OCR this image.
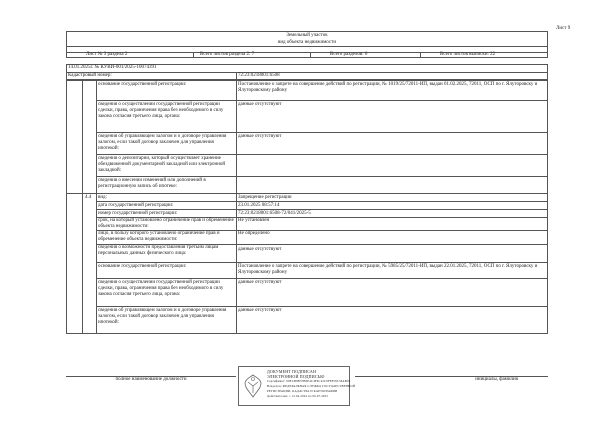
Лист 9
Земельный участок
вид объекта недвижимости
Лист № 3 раздела 2	Всего листов раздела 2: 7	Всего разделов: 6	Всего листов выписки: 22
14.01.2025г. № КУВИ-001/2025-10074391
Кадастровый номер:	72:23:0218001:6508
основание государственной регистрации:	Постановление о запрете на совершение действий по регистрации, № 1019/25/72011-ИП, выдан 01.02.2025, 72011, ОСП по г. Ялуторовску и Ялуторовскому району
сведения о осуществлении государственной регистрации сделки, права, ограничения права без необходимого в силу закона согласия третьего лица, органа:
данные отсутствуют
сведения об управляющем залогом и о договоре управления залогом, если такой договор заключен для управления ипотекой:
данные отсутствуют
сведения о депозитарии, который осуществляет хранение обездвиженной документарной закладной или электронной закладной:
сведения о внесении изменений или дополнений в регистрационную запись об ипотеке:
4.4 вид:	Запрещение регистрации
дата государственной регистрации:	23.01.2025 08:57:14
номер государственной регистрации:	72:23:0218001:6508-72/041/2025-5
срок, на который установлено ограничение прав и обременение объекта недвижимости:
Не установлен
лицо, в пользу которого установлено ограничение прав и обременение объекта недвижимости:
Не определено
сведения о возможности предоставления третьим лицам персональных данных физического лица:
данные отсутствуют
основание государственной регистрации:	Постановление о запрете на совершение действий по регистрации, № 5985/25/72011-ИП, выдан 22.01.2025, 72011, ОСП по г. Ялуторовску и Ялуторовскому району
сведения о осуществлении государственной регистрации сделки, права, ограничения права без необходимого в силу закона согласия третьего лица, органа:
данные отсутствуют
сведения об управляющем залогом и о договоре управления залогом, если такой договор заключен для управления ипотекой:
данные отсутствуют
полное наименование должности	инициалы, фамилия
ДОКУМЕНТ ПОДПИСАН
ЭЛЕКТРОННОЙ ПОДПИСЬЮ
Сертификат: 00ECB9B37B0E4C4F6C22C6F8F58C36AB08
Владелец: ФЕДЕРАЛЬНАЯ СЛУЖБА ГОСУДАРСТВЕННОЙ
РЕГИСТРАЦИИ, КАДАСТРА И КАРТОГРАФИИ
Действителен: с 12.04.2024 по 06.07.2025
